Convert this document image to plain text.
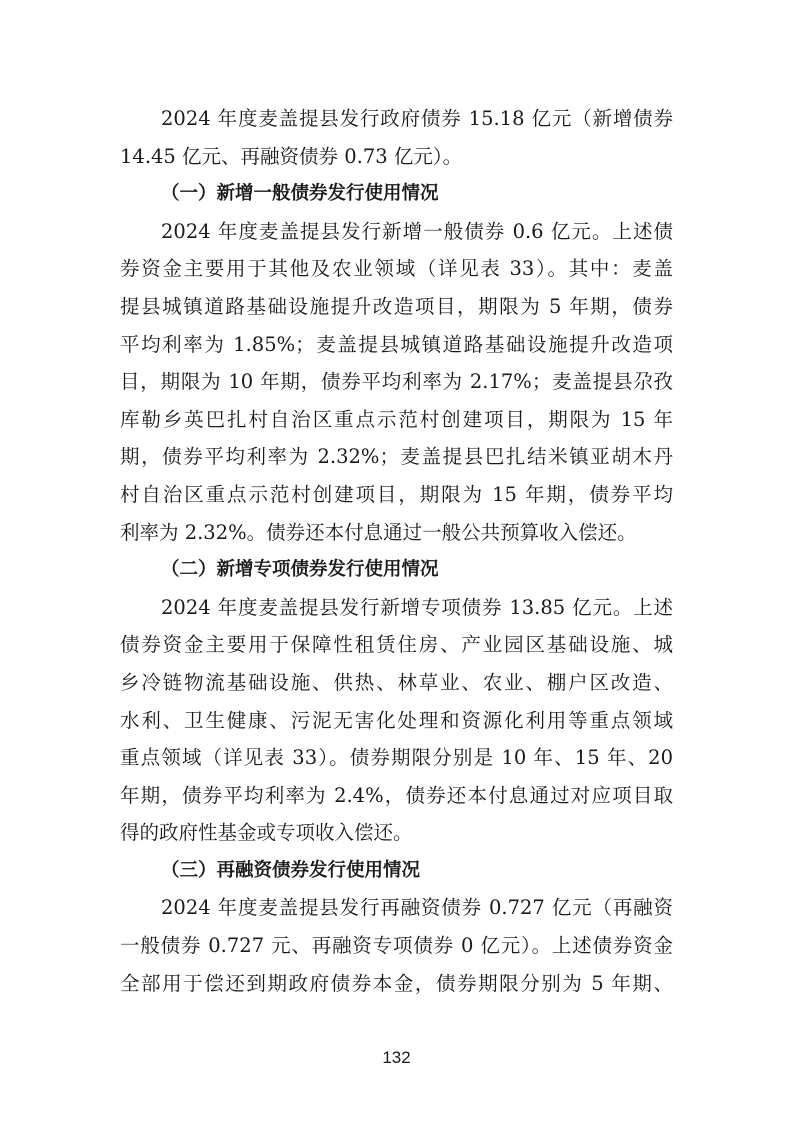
2024 年度麦盖提县发行政府债券 15.18 亿元（新增债券
14.45 亿元、再融资债券 0.73 亿元）。
（一）新增一般债券发行使用情况
2024 年度麦盖提县发行新增一般债券 0.6 亿元。上述债
券资金主要用于其他及农业领域（详见表 33）。其中：麦盖
提县城镇道路基础设施提升改造项目，期限为 5 年期，债券
平均利率为 1.85%；麦盖提县城镇道路基础设施提升改造项
目，期限为 10 年期，债券平均利率为 2.17%；麦盖提县尕孜
库勒乡英巴扎村自治区重点示范村创建项目，期限为 15 年
期，债券平均利率为 2.32%；麦盖提县巴扎结米镇亚胡木丹
村自治区重点示范村创建项目，期限为 15 年期，债券平均
利率为 2.32%。债券还本付息通过一般公共预算收入偿还。
（二）新增专项债券发行使用情况
2024 年度麦盖提县发行新增专项债券 13.85 亿元。上述
债券资金主要用于保障性租赁住房、产业园区基础设施、城
乡冷链物流基础设施、供热、林草业、农业、棚户区改造、
水利、卫生健康、污泥无害化处理和资源化利用等重点领域
重点领域（详见表 33）。债券期限分别是 10 年、15 年、20
年期，债券平均利率为 2.4%，债券还本付息通过对应项目取
得的政府性基金或专项收入偿还。
（三）再融资债券发行使用情况
2024 年度麦盖提县发行再融资债券 0.727 亿元（再融资
一般债券 0.727 元、再融资专项债券 0 亿元）。上述债券资金
全部用于偿还到期政府债券本金，债券期限分别为 5 年期、
132
